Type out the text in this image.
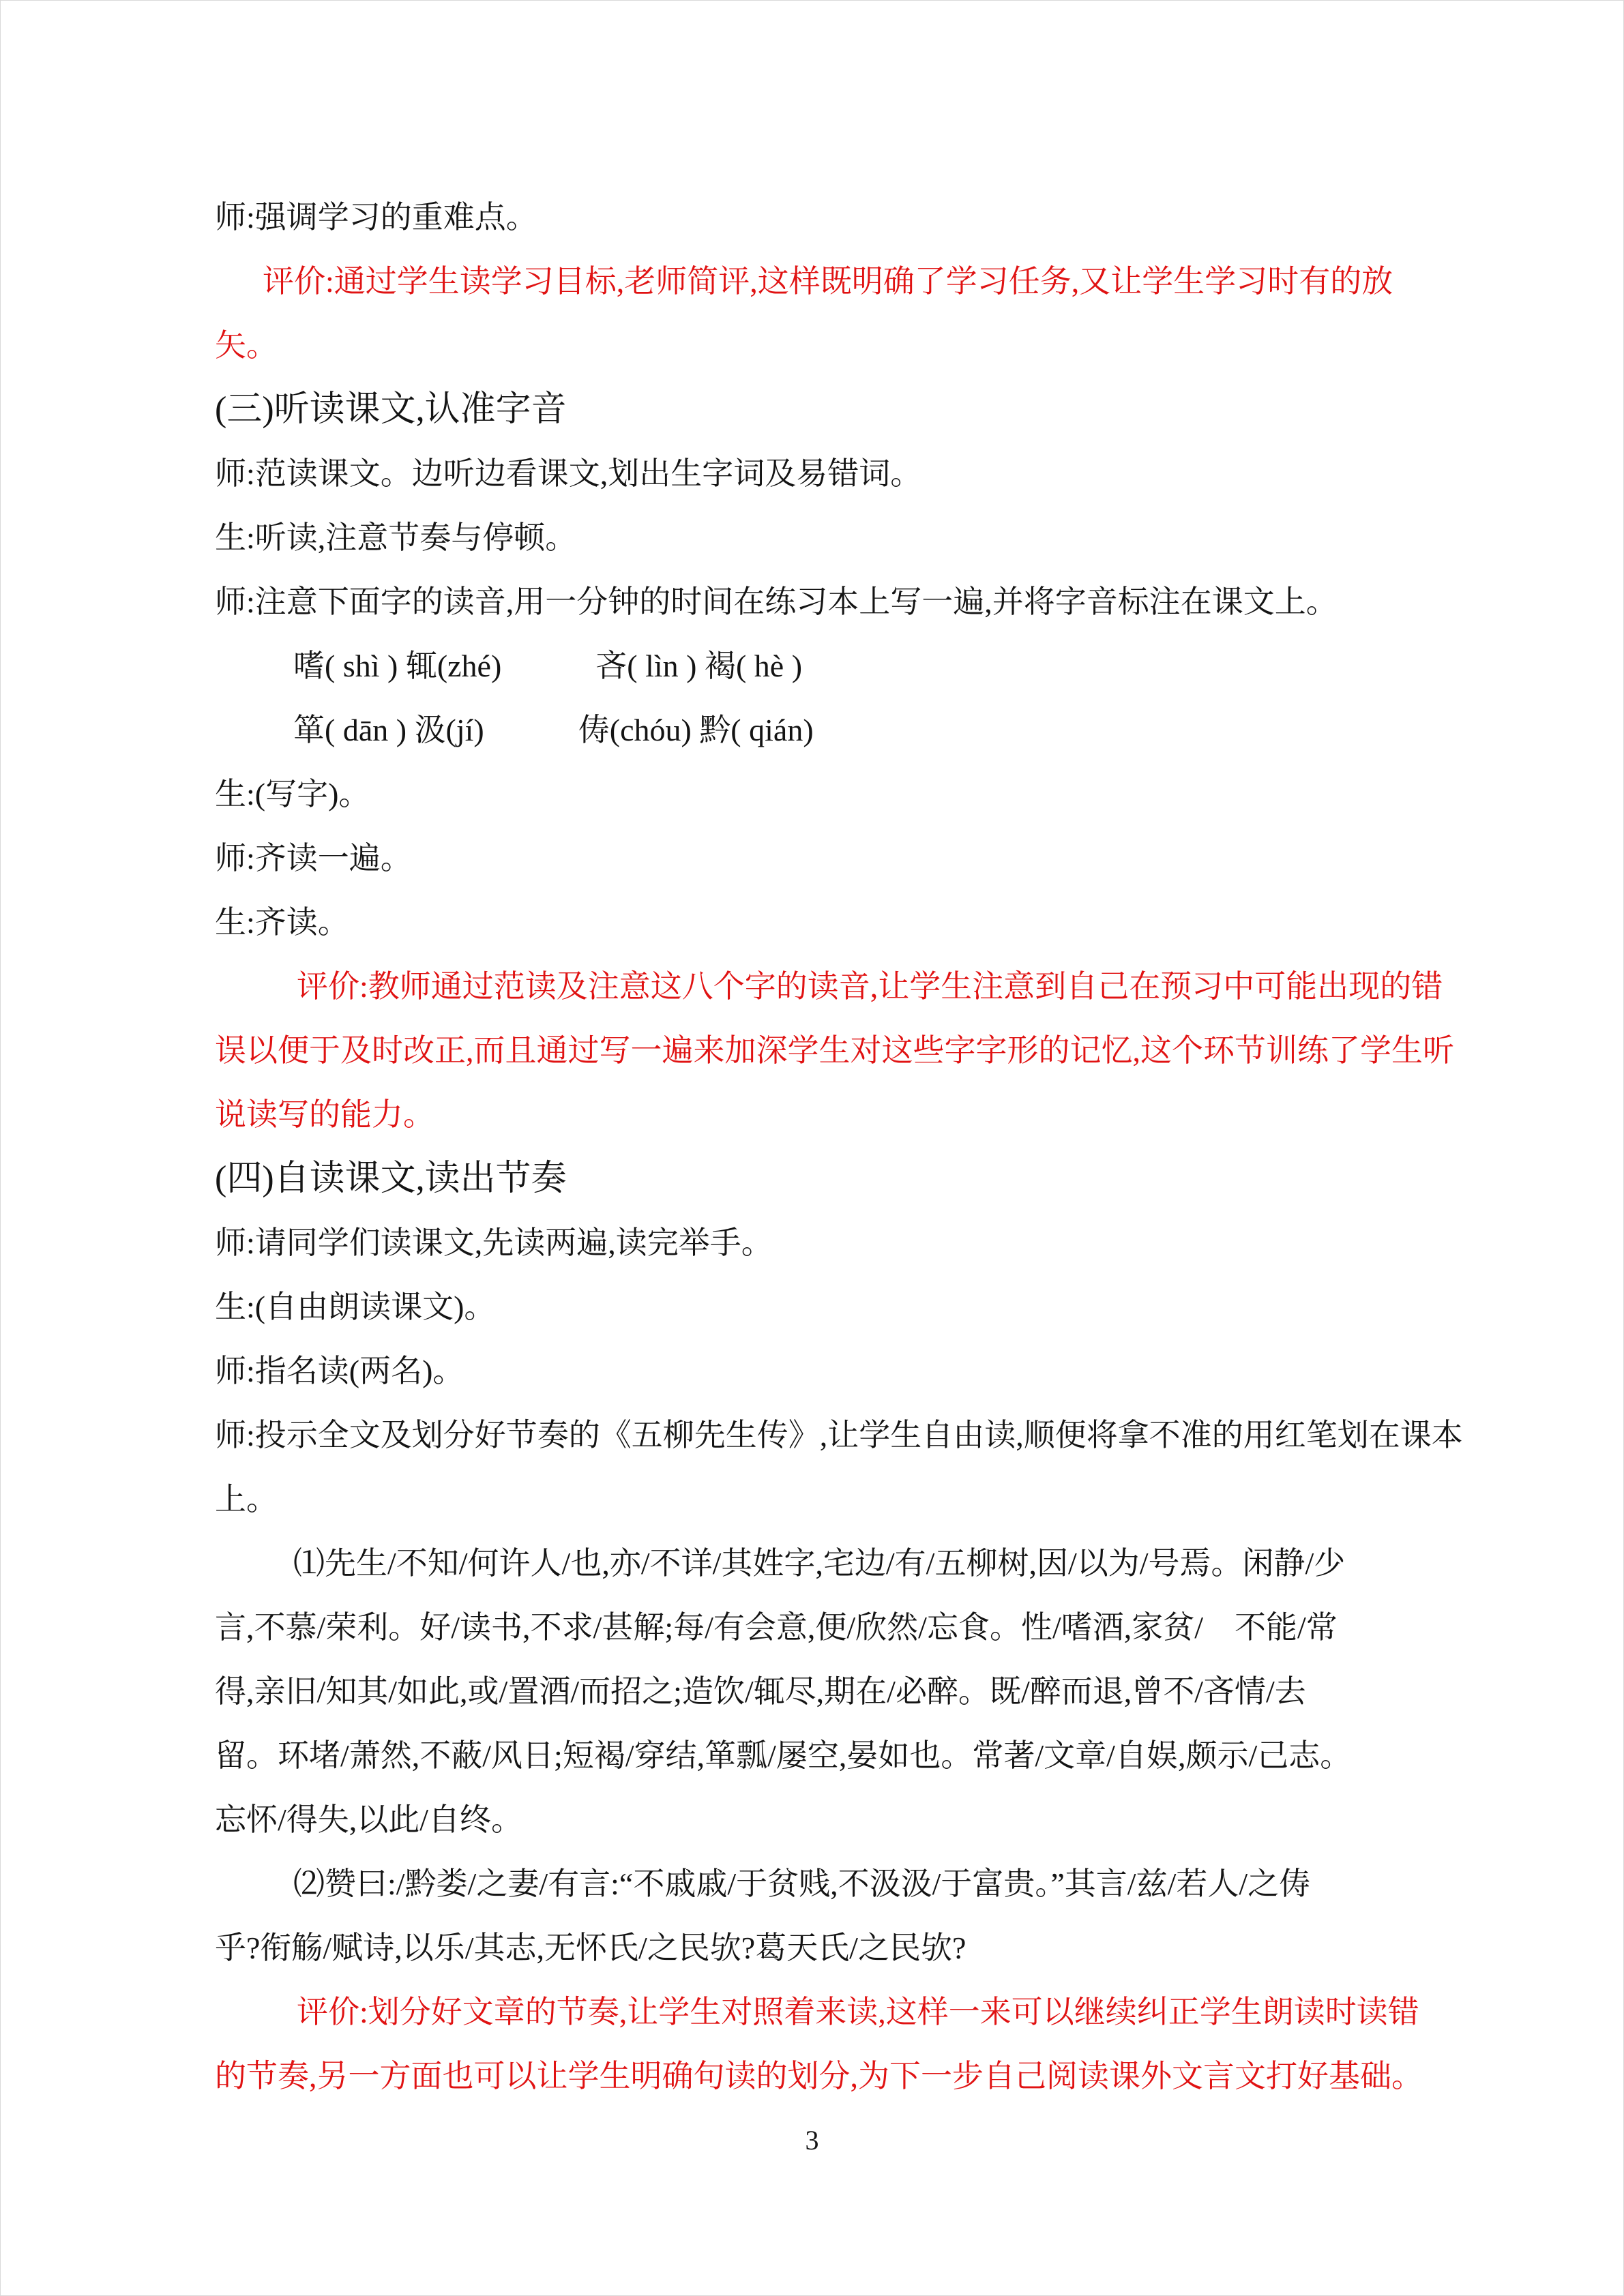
师:强调学习的重难点。
评价:通过学生读学习目标,老师简评,这样既明确了学习任务,又让学生学习时有的放
矢。
(三)听读课文,认准字音
师:范读课文。边听边看课文,划出生字词及易错词。
生:听读,注意节奏与停顿。
师:注意下面字的读音,用一分钟的时间在练习本上写一遍,并将字音标注在课文上。
嗜( shì ) 辄(zhé)　　　吝( lìn ) 褐( hè )
箪( dān ) 汲(jí)　　　俦(chóu) 黔( qián)
生:(写字)。
师:齐读一遍。
生:齐读。
评价:教师通过范读及注意这八个字的读音,让学生注意到自己在预习中可能出现的错
误以便于及时改正,而且通过写一遍来加深学生对这些字字形的记忆,这个环节训练了学生听
说读写的能力。
(四)自读课文,读出节奏
师:请同学们读课文,先读两遍,读完举手。
生:(自由朗读课文)。
师:指名读(两名)。
师:投示全文及划分好节奏的《五柳先生传》,让学生自由读,顺便将拿不准的用红笔划在课本
上。
⑴先生/不知/何许人/也,亦/不详/其姓字,宅边/有/五柳树,因/以为/号焉。闲静/少
言,不慕/荣利。好/读书,不求/甚解;每/有会意,便/欣然/忘食。性/嗜酒,家贫/　不能/常
得,亲旧/知其/如此,或/置酒/而招之;造饮/辄尽,期在/必醉。既/醉而退,曾不/吝情/去
留。环堵/萧然,不蔽/风日;短褐/穿结,箪瓢/屡空,晏如也。常著/文章/自娱,颇示/己志。
忘怀/得失,以此/自终。
⑵赞曰:/黔娄/之妻/有言:“不戚戚/于贫贱,不汲汲/于富贵。”其言/兹/若人/之俦
乎?衔觞/赋诗,以乐/其志,无怀氏/之民欤?葛天氏/之民欤?
评价:划分好文章的节奏,让学生对照着来读,这样一来可以继续纠正学生朗读时读错
的节奏,另一方面也可以让学生明确句读的划分,为下一步自己阅读课外文言文打好基础。
3
